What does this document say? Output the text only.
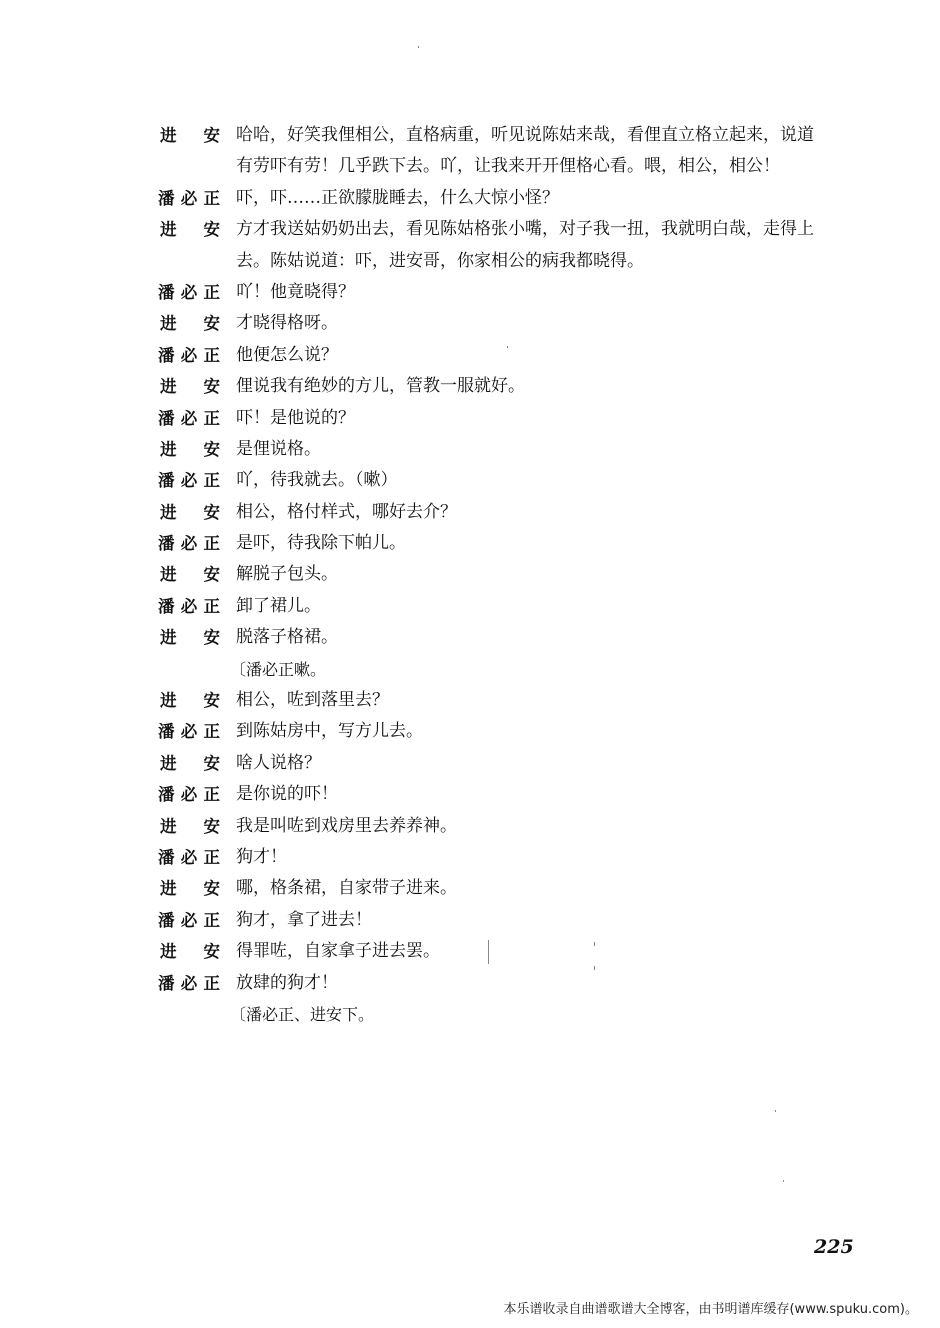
进 安 哈哈，好笑我俚相公，直格病重，听见说陈姑来哉，看俚直立格立起来，说道
有劳吓有劳！几乎跌下去。吖，让我来开开俚格心看。喂，相公，相公！
潘 必 正 吓，吓……正欲朦胧睡去，什么大惊小怪？
进 安 方才我送姑奶奶出去，看见陈姑格张小嘴，对子我一扭，我就明白哉，走得上
去。陈姑说道：吓，进安哥，你家相公的病我都晓得。
潘 必 正 吖！他竟晓得？
进 安 才晓得格呀。
潘 必 正 他便怎么说？
进 安 俚说我有绝妙的方儿，管教一服就好。
潘 必 正 吓！是他说的？
进 安 是俚说格。
潘 必 正 吖，待我就去。（嗽）
进 安 相公，格付样式，哪好去介？
潘 必 正 是吓，待我除下帕儿。
进 安 解脱子包头。
潘 必 正 卸了裙儿。
进 安 脱落子格裙。
〔潘必正嗽。
进 安 相公，咗到落里去？
潘 必 正 到陈姑房中，写方儿去。
进 安 啥人说格？
潘 必 正 是你说的吓！
进 安 我是叫咗到戏房里去养养神。
潘 必 正 狗才！
进 安 哪，格条裙，自家带子进来。
潘 必 正 狗才，拿了进去！
进 安 得罪咗，自家拿子进去罢。
潘 必 正 放肆的狗才！
〔潘必正、进安下。
225
本乐谱收录自曲谱歌谱大全博客，由书明谱库缓存(www.spuku.com)。
